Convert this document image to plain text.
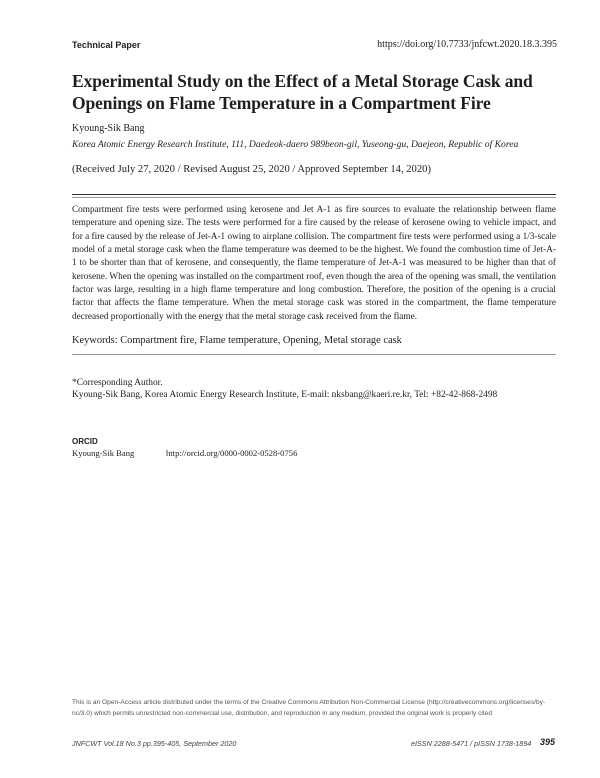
Technical Paper	https://doi.org/10.7733/jnfcwt.2020.18.3.395
Experimental Study on the Effect of a Metal Storage Cask and Openings on Flame Temperature in a Compartment Fire
Kyoung-Sik Bang
Korea Atomic Energy Research Institute, 111, Daedeok-daero 989beon-gil, Yuseong-gu, Daejeon, Republic of Korea
(Received July 27, 2020 / Revised August 25, 2020 / Approved September 14, 2020)
Compartment fire tests were performed using kerosene and Jet A-1 as fire sources to evaluate the relationship between flame temperature and opening size. The tests were performed for a fire caused by the release of kerosene owing to vehicle impact, and for a fire caused by the release of Jet-A-1 owing to airplane collision. The compartment fire tests were performed using a 1/3-scale model of a metal storage cask when the flame temperature was deemed to be the highest. We found the combustion time of Jet-A-1 to be shorter than that of kerosene, and consequently, the flame temperature of Jet-A-1 was measured to be higher than that of kerosene. When the opening was installed on the compartment roof, even though the area of the opening was small, the ventilation factor was large, resulting in a high flame temperature and long combustion. Therefore, the position of the opening is a crucial factor that affects the flame temperature. When the metal storage cask was stored in the compartment, the flame temperature decreased proportionally with the energy that the metal storage cask received from the flame.
Keywords: Compartment fire, Flame temperature, Opening, Metal storage cask
*Corresponding Author.
Kyoung-Sik Bang, Korea Atomic Energy Research Institute, E-mail: nksbang@kaeri.re.kr, Tel: +82-42-868-2498
ORCID
Kyoung-Sik Bang	http://orcid.org/0000-0002-0528-0756
This is an Open-Access article distributed under the terms of the Creative Commons Attribution Non-Commercial License (http://creativecommons.org/licenses/by-nc/3.0) which permits unrestricted non-commercial use, distribution, and reproduction in any medium, provided the original work is properly cited
JNFCWT Vol.18 No.3 pp.395-405, September 2020	eISSN 2288-5471 / pISSN 1738-1894 395
